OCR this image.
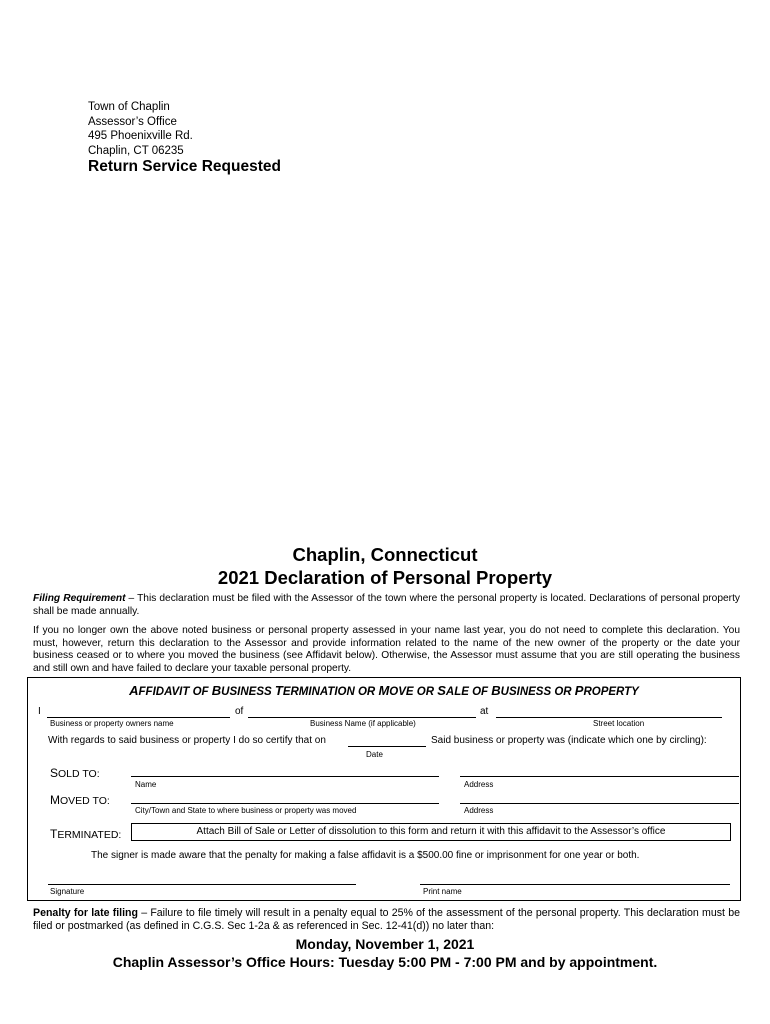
Town of Chaplin
Assessor’s Office
495 Phoenixville Rd.
Chaplin, CT 06235
Return Service Requested
Chaplin, Connecticut
2021 Declaration of Personal Property
Filing Requirement – This declaration must be filed with the Assessor of the town where the personal property is located. Declarations of personal property shall be made annually.
If you no longer own the above noted business or personal property assessed in your name last year, you do not need to complete this declaration. You must, however, return this declaration to the Assessor and provide information related to the name of the new owner of the property or the date your business ceased or to where you moved the business (see Affidavit below). Otherwise, the Assessor must assume that you are still operating the business and still own and have failed to declare your taxable personal property.
AFFIDAVIT OF BUSINESS TERMINATION OR MOVE OR SALE OF BUSINESS OR PROPERTY
I	of	at
Business or property owners name	Business Name (if applicable)	Street location
With regards to said business or property I do so certify that on	Said business or property was (indicate which one by circling):
Date
SOLD TO:
Name	Address
MOVED TO:
City/Town and State to where business or property was moved	Address
TERMINATED:	Attach Bill of Sale or Letter of dissolution to this form and return it with this affidavit to the Assessor’s office
The signer is made aware that the penalty for making a false affidavit is a $500.00 fine or imprisonment for one year or both.
Signature	Print name
Penalty for late filing – Failure to file timely will result in a penalty equal to 25% of the assessment of the personal property. This declaration must be filed or postmarked (as defined in C.G.S. Sec 1-2a & as referenced in Sec. 12-41(d)) no later than:
Monday, November 1, 2021
Chaplin Assessor’s Office Hours: Tuesday 5:00 PM - 7:00 PM and by appointment.
